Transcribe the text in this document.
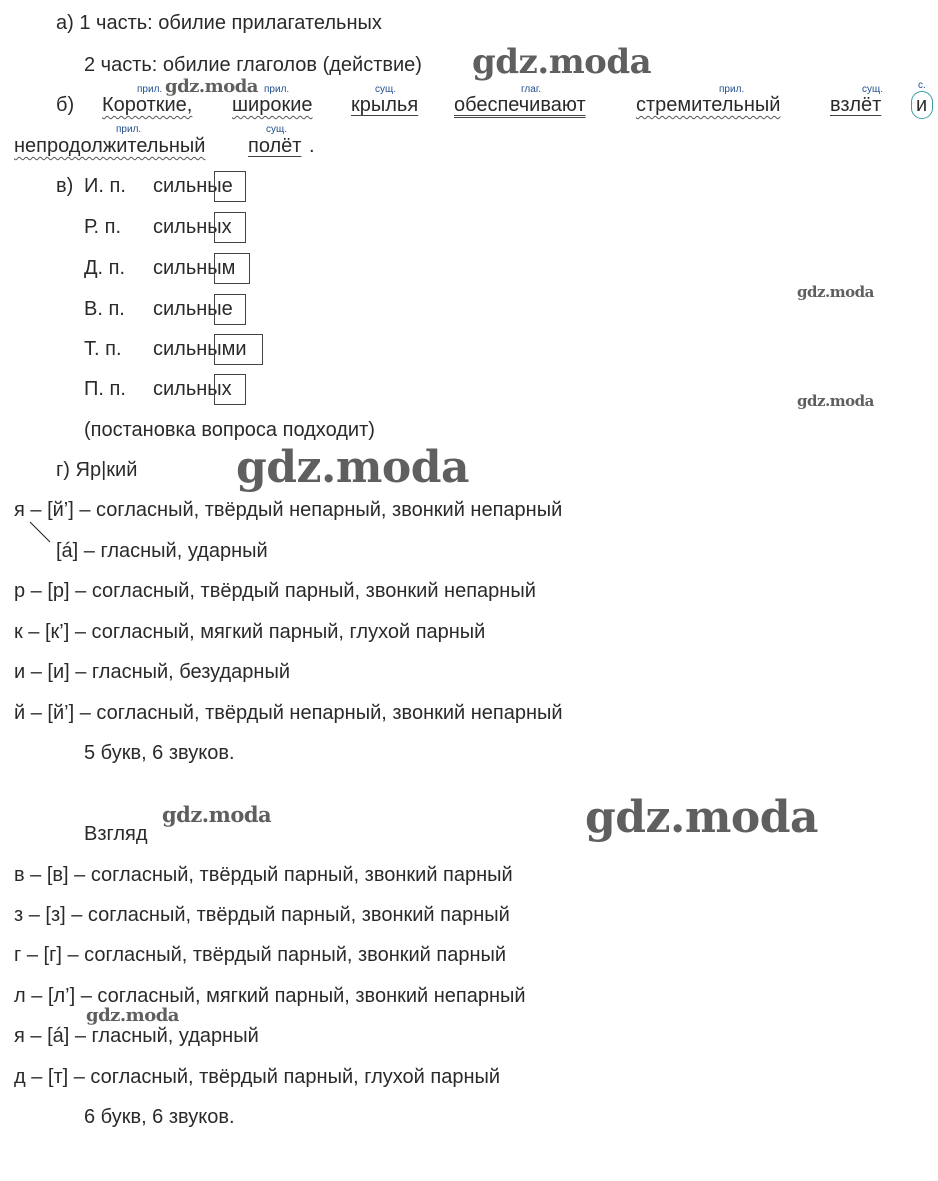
а) 1 часть: обилие прилагательных
2 часть: обилие глаголов (действие)
б) Короткие, широкие крылья обеспечивают	стремительный взлёт и
непродолжительный полёт .
прил.	прил.	сущ.	глаг.	прил.	сущ.	с.
прил.	сущ.
в) И. п. сильные
Р. п. сильных
Д. п. сильным
В. п. сильные
Т. п. сильными
П. п. сильных
(постановка вопроса подходит)
г) Яр|кий
я – [й’] – согласный, твёрдый непарный, звонкий непарный
[á] – гласный, ударный
р – [р] – согласный, твёрдый парный, звонкий непарный
к – [к’] – согласный, мягкий парный, глухой парный
и – [и] – гласный, безударный
й – [й’] – согласный, твёрдый непарный, звонкий непарный
5 букв, 6 звуков.
Взгляд
в – [в] – согласный, твёрдый парный, звонкий парный
з – [з] – согласный, твёрдый парный, звонкий парный
г – [г] – согласный, твёрдый парный, звонкий парный
л – [л’] – согласный, мягкий парный, звонкий непарный
я – [á] – гласный, ударный
д – [т] – согласный, твёрдый парный, глухой парный
6 букв, 6 звуков.
gdz.moda
gdz.moda
gdz.moda
gdz.moda
gdz.moda
gdz.moda	gdz.moda
gdz.moda
